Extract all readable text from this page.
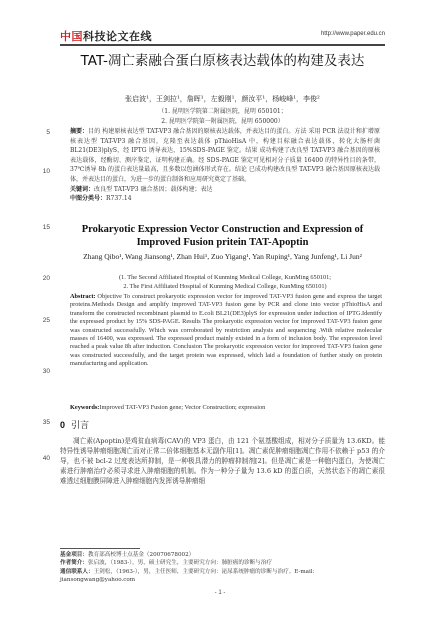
中国科技论文在线	http://www.paper.edu.cn
5
10
15
20
25
30
35
40
TAT-凋亡素融合蛋白原核表达载体的构建及表达
张启波¹，王剑拉¹，詹晖¹，左毅刚¹，颜汝平¹，杨峻峰¹，李俊²
（1. 昆明医学院第二附属医院，昆明 650101；
2. 昆明医学院第一附属医院，昆明 650000）

摘要：目的 构建原核表达型 TAT-VP3 融合基因的原核表达载体，并表达目的蛋白。方法 采用 PCR 法设计和扩增原核表达型 TAT-VP3 融合基因，克隆至表达载体 pThioHisA 中，构建目标融合表达载体，转化大肠杆菌 BL21(DE3)plyS，经 IPTG 诱导表达，15%SDS-PAGE 鉴定。结果 成功构建了改良型 TAT-VP3 融合基因的原核表达载体，经酶切、测序鉴定，证明构建正确。经 SDS-PAGE 鉴定可见相对分子质量 16400 的特异性目的条带，37℃诱导 8h 的蛋白表达量最高，且多数以包涵体形式存在。结论 已成功构建改良型 TAT-VP3 融合基因原核表达载体，并表达目的蛋白，为进一步的蛋白制备和应用研究奠定了基础。

关键词：改良型 TAT-VP3 融合基因；载体构建；表达

中图分类号：R737.14

Prokaryotic Expression Vector Construction and Expression of Improved Fusion pritein TAT-Apoptin
Zhang Qibo¹, Wang Jiansong¹, Zhan Hui¹, Zuo Yigang¹, Yan Ruping¹, Yang Junfeng¹, Li Jun²
(1. The Second Affiliated Hospital of Kunming Medical College, KunMing 650101;
2. The First Affiliated Hospital of Kunming Medical College, KunMing 650101)
Abstract: Objective To construct prokaryotic expression vector for improved TAT-VP3 fusion gene and express the target proteins.Methods Design and amplify improved TAT-VP3 fusion gene by PCR and clone into vector pThioHisA and transform the constructed recombinant plasmid to E.coli BL21(DE3)plyS for expression under induction of IPTG.Identify the expressed product by 15% SDS-PAGE. Results The prokaryotic expression vector for improved TAT-VP3 fusion gene was constructed successfully. Which was corroborated by restriction analysis and sequencing .With relative molecular masses of 16400, was expressed. The expressed product mainly existed in a form of inclusion body. The expression level reached a peak value 8h after induction. Conclusion The prokaryotic expression vector for improved TAT-VP3 fusion gene was constructed successfully, and the target protein was expressed, which laid a foundation of further study on protein manufacturing and application.
Keywords:Improved TAT-VP3 Fusion gene; Vector Construction; expression
0 引言
凋亡素(Apoptin)是鸡贫血病毒(CAV)的 VP3 蛋白，由 121 个氨基酸组成，相对分子质量为 13.6KD。能特异性诱导肿瘤细胞凋亡而对正常二倍体细胞基本无副作用[1]。凋亡素促肿瘤细胞凋亡作用不依赖于 p53 的介导，也不被 bcl-2 过度表达所抑制，是一种极具潜力的肿瘤抑制剂[2]。但是凋亡素是一种胞内蛋白，为使凋亡素进行肿瘤治疗必须寻求进入肿瘤细胞的机制。作为一种分子量为 13.6 kD 的蛋白质，天然状态下的凋亡素很难透过细胞膜屏障进入肿瘤细胞内发挥诱导肿瘤细
基金项目：教育部高校博士点基金（20070678002）
作者简介：张启波，（1983-），男，硕士研究生，主要研究方向：肺脏癌的诊断与治疗
通信联系人：王剑松，（1963-），男，主任医师，主要研究方向：泌尿系统肿瘤的诊断与治疗。E-mail: jiansongwang@yahoo.com
- 1 -
